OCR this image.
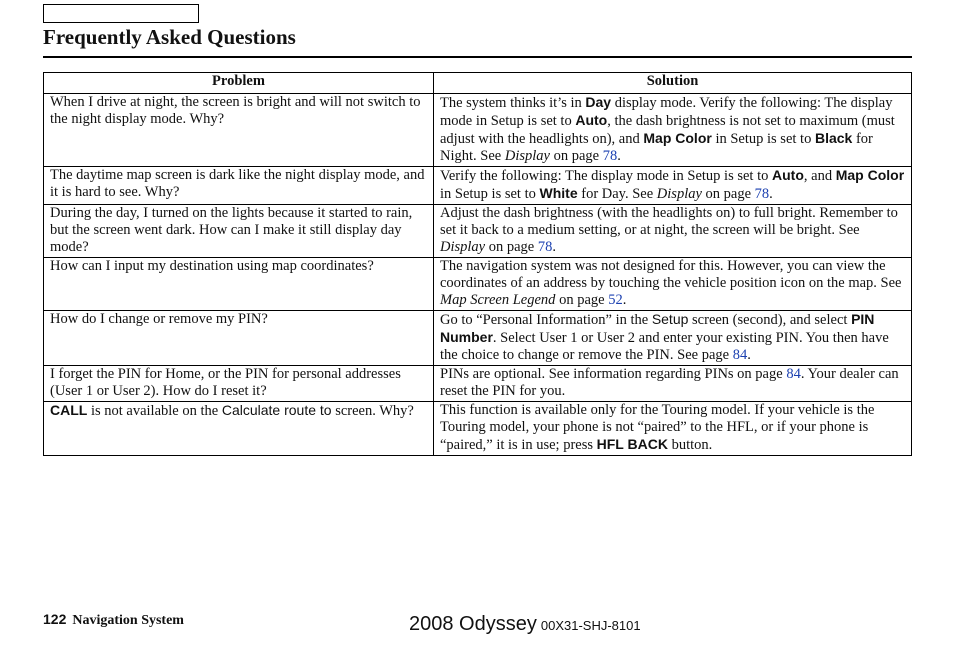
Frequently Asked Questions
Problem	Solution
When I drive at night, the screen is bright and will not switch to the night display mode. Why?	The system thinks it’s in Day display mode. Verify the following: The display mode in Setup is set to Auto, the dash brightness is not set to maximum (must adjust with the headlights on), and Map Color in Setup is set to Black for Night. See Display on page 78.
The daytime map screen is dark like the night display mode, and it is hard to see. Why?	Verify the following: The display mode in Setup is set to Auto, and Map Color in Setup is set to White for Day. See Display on page 78.
During the day, I turned on the lights because it started to rain, but the screen went dark. How can I make it still display day mode?	Adjust the dash brightness (with the headlights on) to full bright. Remember to set it back to a medium setting, or at night, the screen will be bright. See Display on page 78.
How can I input my destination using map coordinates?	The navigation system was not designed for this. However, you can view the coordinates of an address by touching the vehicle position icon on the map. See Map Screen Legend on page 52.
How do I change or remove my PIN?	Go to “Personal Information” in the Setup screen (second), and select PIN Number. Select User 1 or User 2 and enter your existing PIN. You then have the choice to change or remove the PIN. See page 84.
I forget the PIN for Home, or the PIN for personal addresses (User 1 or User 2). How do I reset it?	PINs are optional. See information regarding PINs on page 84. Your dealer can reset the PIN for you.
CALL is not available on the Calculate route to screen. Why?	This function is available only for the Touring model. If your vehicle is the Touring model, your phone is not “paired” to the HFL, or if your phone is “paired,” it is in use; press HFL BACK button.
122 Navigation System	2008 Odyssey 00X31-SHJ-8101
